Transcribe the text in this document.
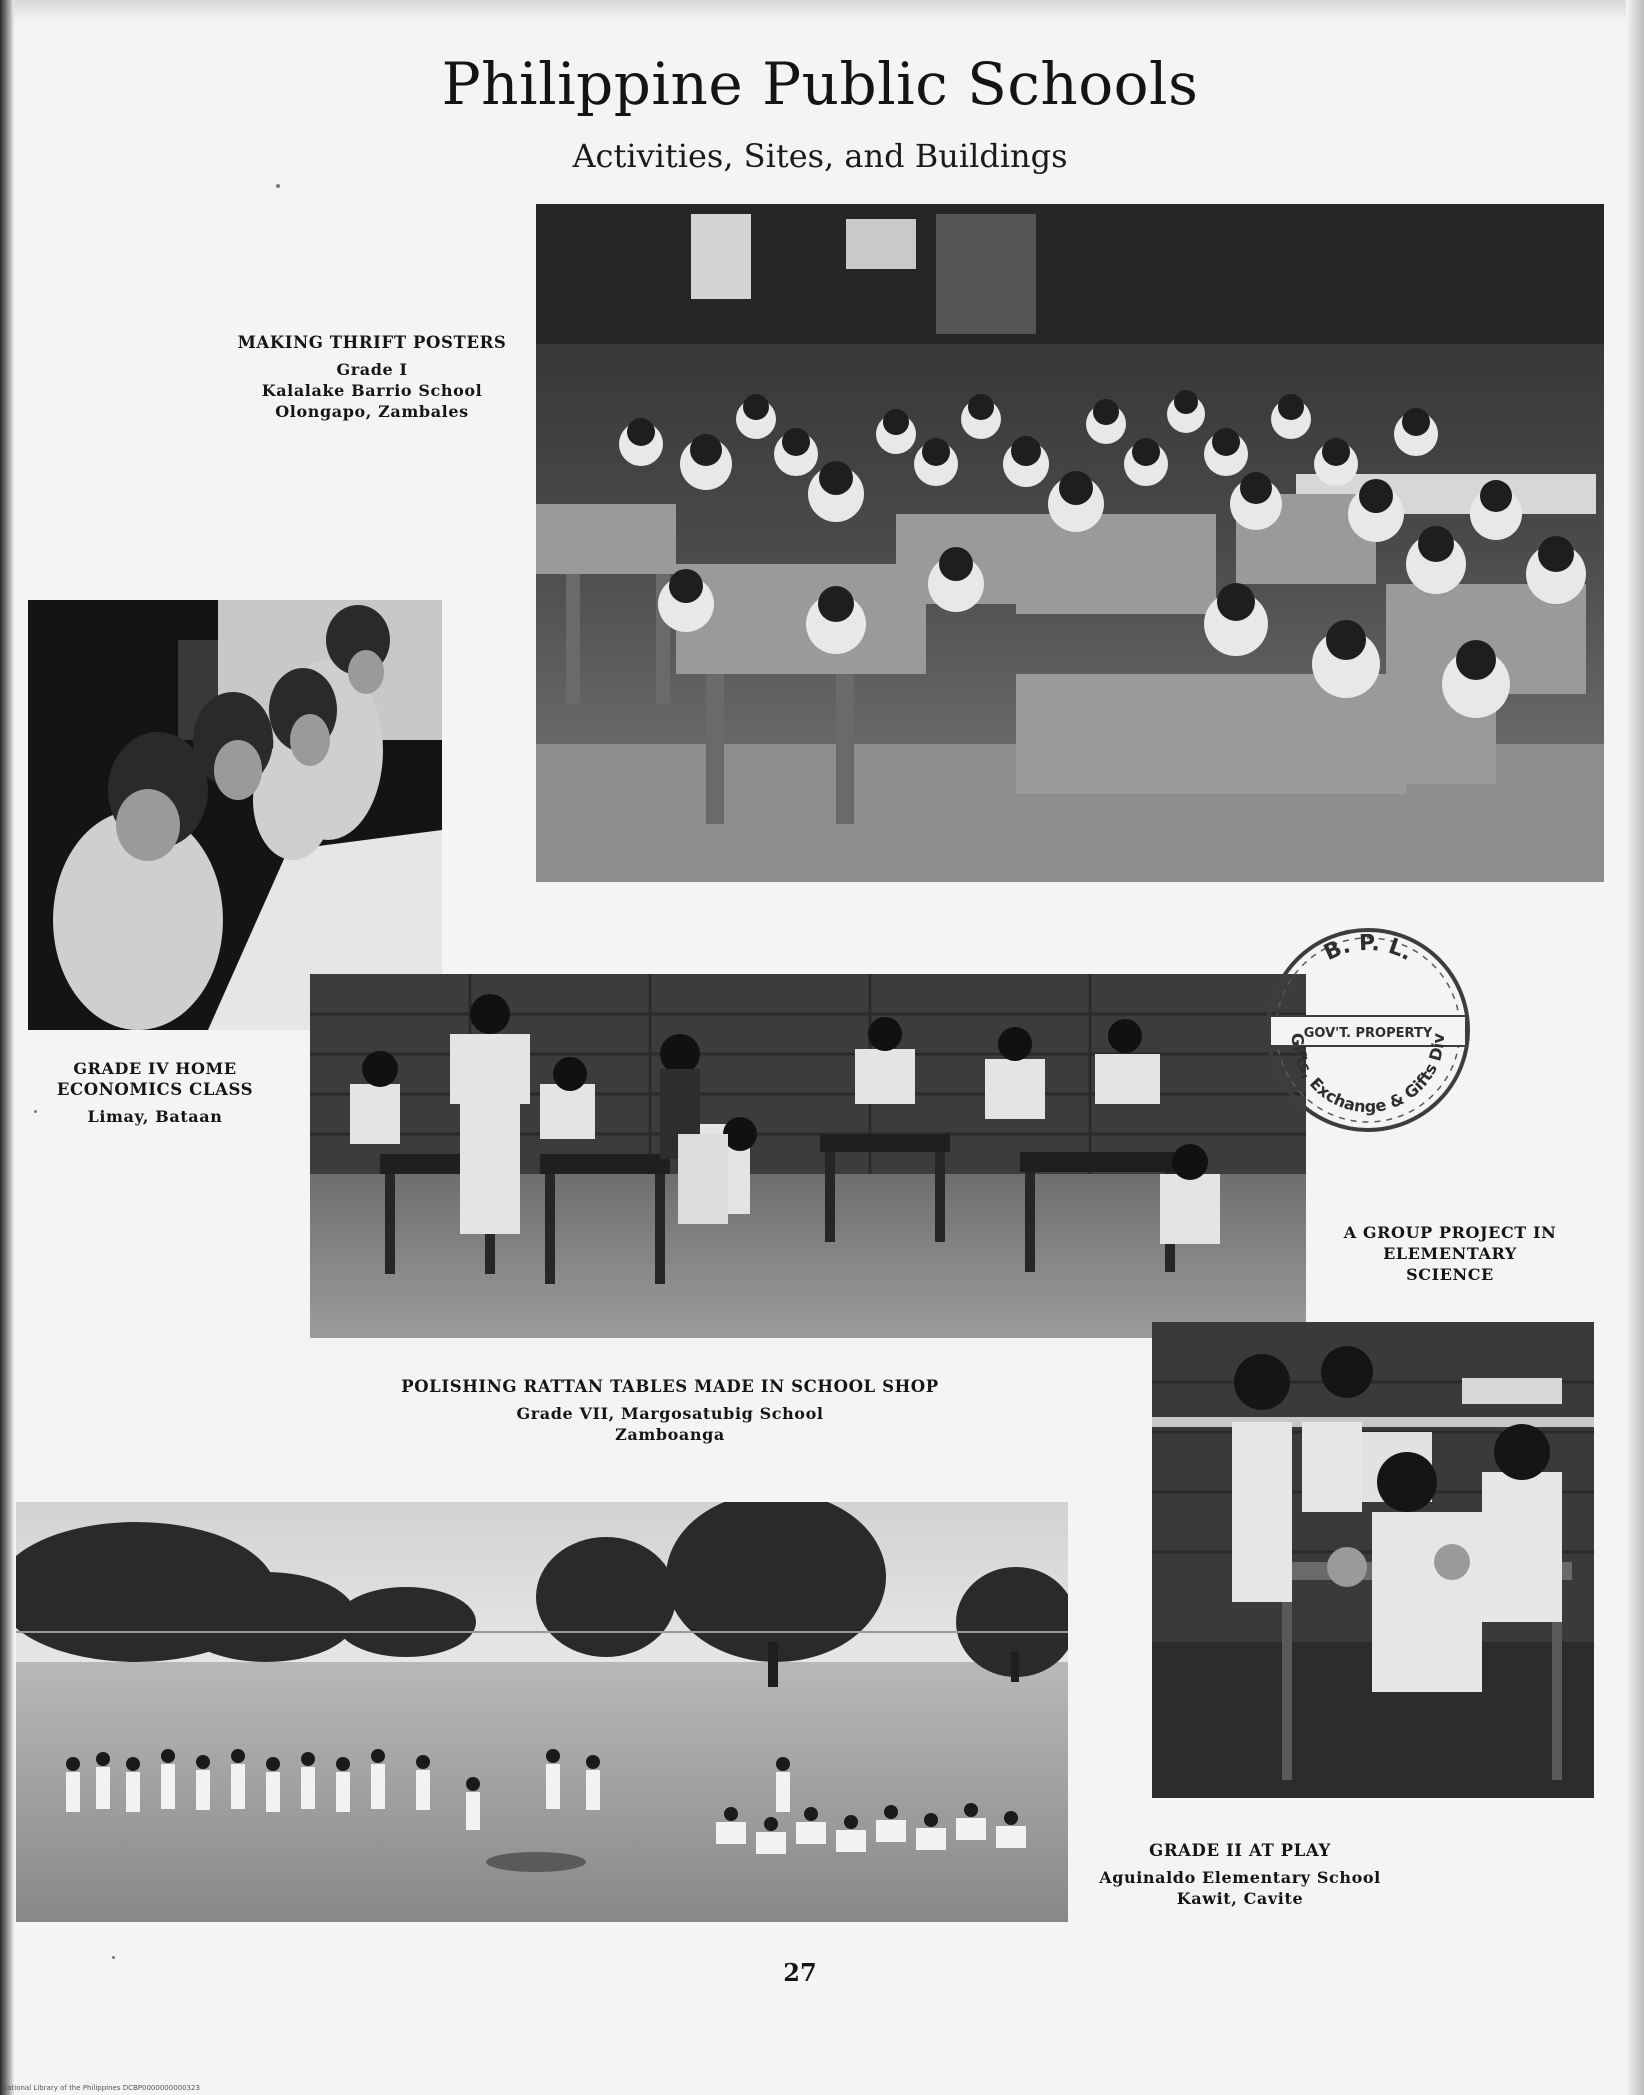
Philippine Public Schools
Activities, Sites, and Buildings
MAKING THRIFT POSTERS
Grade I
Kalalake Barrio School
Olongapo, Zambales
GRADE IV HOME
ECONOMICS CLASS
Limay, Bataan
B. P. L.
GOV'T. PROPERTY
Gifts, Exchange & Gifts Div
A GROUP PROJECT IN
ELEMENTARY
SCIENCE
POLISHING RATTAN TABLES MADE IN SCHOOL SHOP
Grade VII, Margosatubig School
Zamboanga
GRADE II AT PLAY
Aguinaldo Elementary School
Kawit, Cavite
27
National Library of the Philippines DCBP0000000000323
